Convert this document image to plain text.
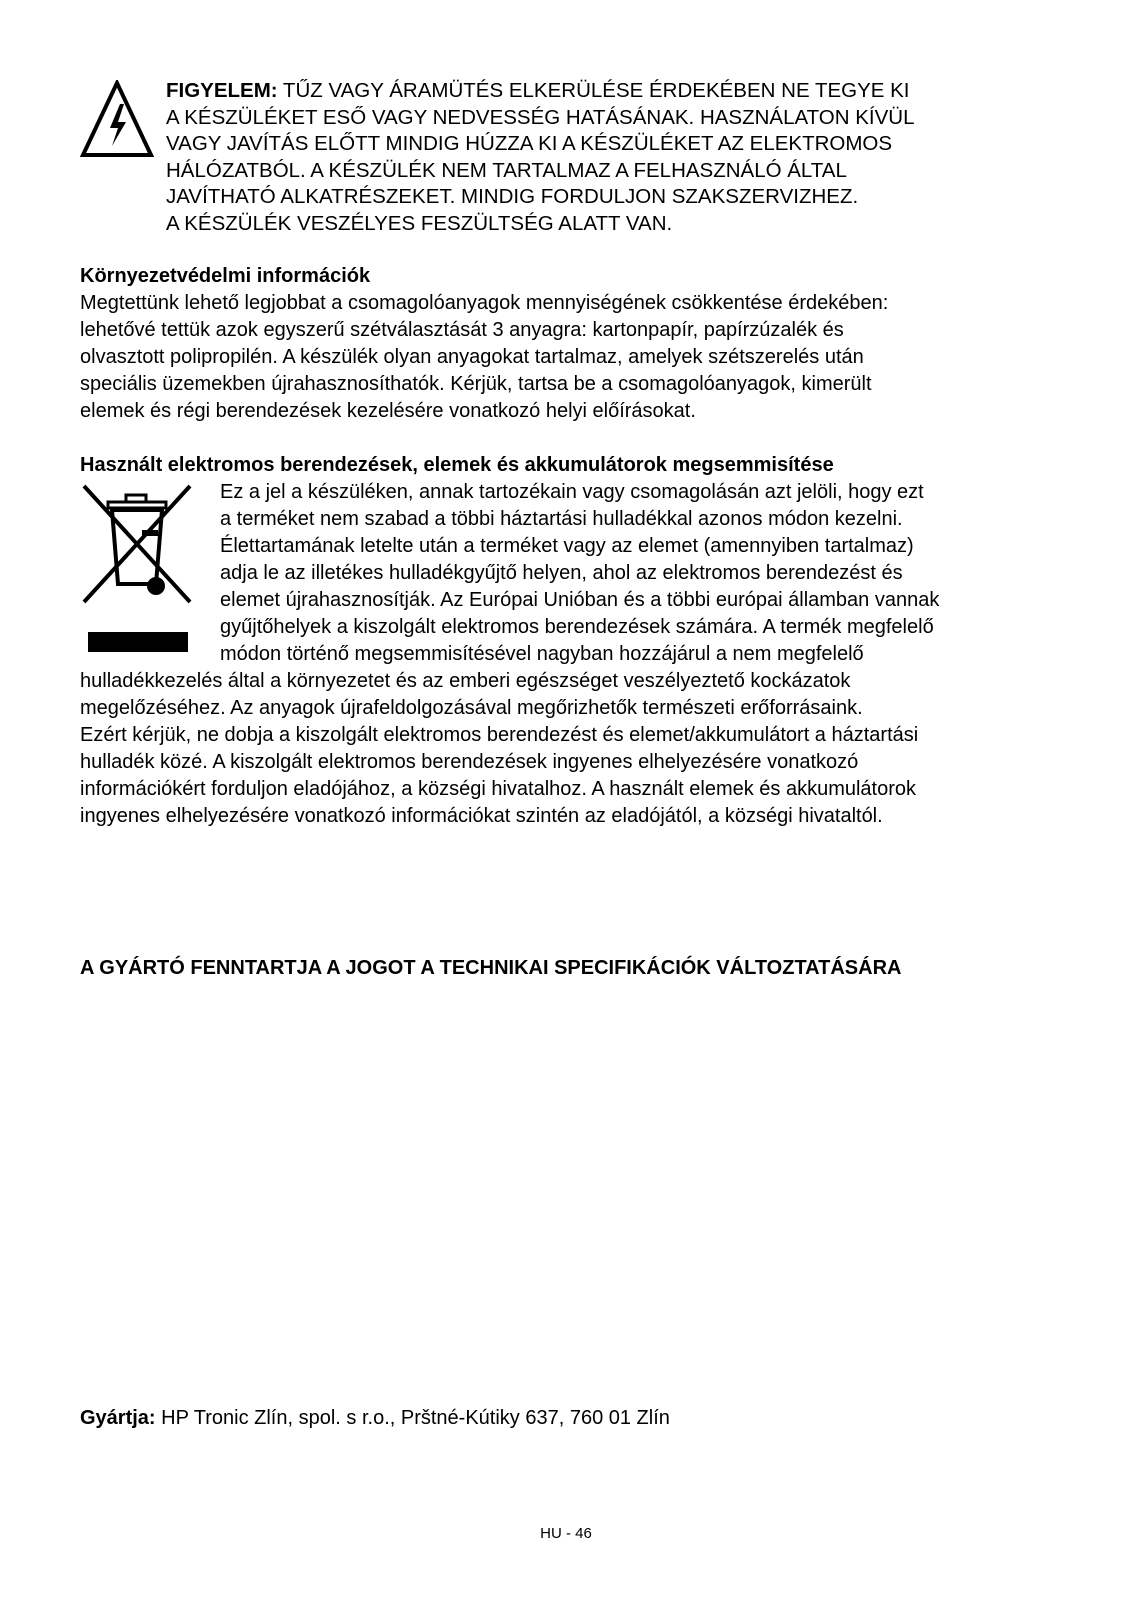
FIGYELEM: TŰZ VAGY ÁRAMÜTÉS ELKERÜLÉSE ÉRDEKÉBEN NE TEGYE KI
A KÉSZÜLÉKET ESŐ VAGY NEDVESSÉG HATÁSÁNAK. HASZNÁLATON KÍVÜL
VAGY JAVÍTÁS ELŐTT MINDIG HÚZZA KI A KÉSZÜLÉKET AZ ELEKTROMOS
HÁLÓZATBÓL. A KÉSZÜLÉK NEM TARTALMAZ A FELHASZNÁLÓ ÁLTAL
JAVÍTHATÓ ALKATRÉSZEKET. MINDIG FORDULJON SZAKSZERVIZHEZ.
A KÉSZÜLÉK VESZÉLYES FESZÜLTSÉG ALATT VAN.
Környezetvédelmi információk
Megtettünk lehető legjobbat a csomagolóanyagok mennyiségének csökkentése érdekében:
lehetővé tettük azok egyszerű szétválasztását 3 anyagra: kartonpapír, papírzúzalék és
olvasztott polipropilén. A készülék olyan anyagokat tartalmaz, amelyek szétszerelés után
speciális üzemekben újrahasznosíthatók. Kérjük, tartsa be a csomagolóanyagok, kimerült
elemek és régi berendezések kezelésére vonatkozó helyi előírásokat.
Használt elektromos berendezések, elemek és akkumulátorok megsemmisítése
Ez a jel a készüléken, annak tartozékain vagy csomagolásán azt jelöli, hogy ezt
a terméket nem szabad a többi háztartási hulladékkal azonos módon kezelni.
Élettartamának letelte után a terméket vagy az elemet (amennyiben tartalmaz)
adja le az illetékes hulladékgyűjtő helyen, ahol az elektromos berendezést és
elemet újrahasznosítják. Az Európai Unióban és a többi európai államban vannak
gyűjtőhelyek a kiszolgált elektromos berendezések számára. A termék megfelelő
módon történő megsemmisítésével nagyban hozzájárul a nem megfelelő
hulladékkezelés által a környezetet és az emberi egészséget veszélyeztető kockázatok
megelőzéséhez. Az anyagok újrafeldolgozásával megőrizhetők természeti erőforrásaink.
Ezért kérjük, ne dobja a kiszolgált elektromos berendezést és elemet/akkumulátort a háztartási
hulladék közé. A kiszolgált elektromos berendezések ingyenes elhelyezésére vonatkozó
információkért forduljon eladójához, a községi hivatalhoz. A használt elemek és akkumulátorok
ingyenes elhelyezésére vonatkozó információkat szintén az eladójától, a községi hivataltól.
A GYÁRTÓ FENNTARTJA A JOGOT A TECHNIKAI SPECIFIKÁCIÓK VÁLTOZTATÁSÁRA
Gyártja: HP Tronic Zlín, spol. s r.o., Prštné-Kútiky 637, 760 01 Zlín
HU - 46
